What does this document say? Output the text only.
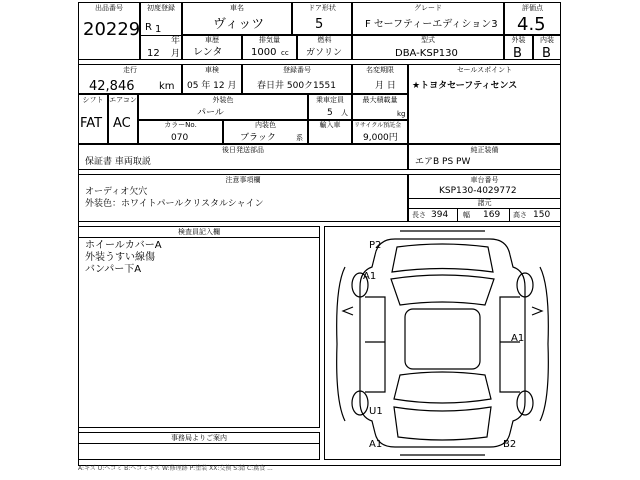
出品番号
20229
初度登録
R 1
年
12 月
車名
ヴィッツ
ドア形状
5
グレード
F セーフティーエディション3
評価点
4.5
車歴
レンタ
排気量
1000 cc
燃料
ガソリン
型式
DBA-KSP130
外装
B
内装
B
走行
42,846 km
車検
05 年 12 月
登録番号
春日井 500ク1551
名変期限
月 日
セールスポイント
★トヨタセーフティセンス
シフト
FAT
エアコン
AC
外装色
パール
乗車定員
5 人
最大積載量
kg
カラーNo.
070
内装色
ブラック	系
輸入車	リサイクル預託金
9,000円
後日発送部品
保証書 車両取説
純正装備
エアB PS PW
注意事項欄
オーディオ欠穴
外装色：ホワイトパールクリスタルシャイン
車台番号
KSP130-4029772
諸元
長さ 394 幅 169 高さ 150
検査員記入欄
ホイールカバーA
外装うすい線傷
バンパー下A
事務局よりご案内
P2
A1
A1
U1
A1	B2
A:キズ U:ヘコミ B:ヘコミキズ W:修理跡 P:塗装 XX:交換 S:錆 C:腐食 ...
